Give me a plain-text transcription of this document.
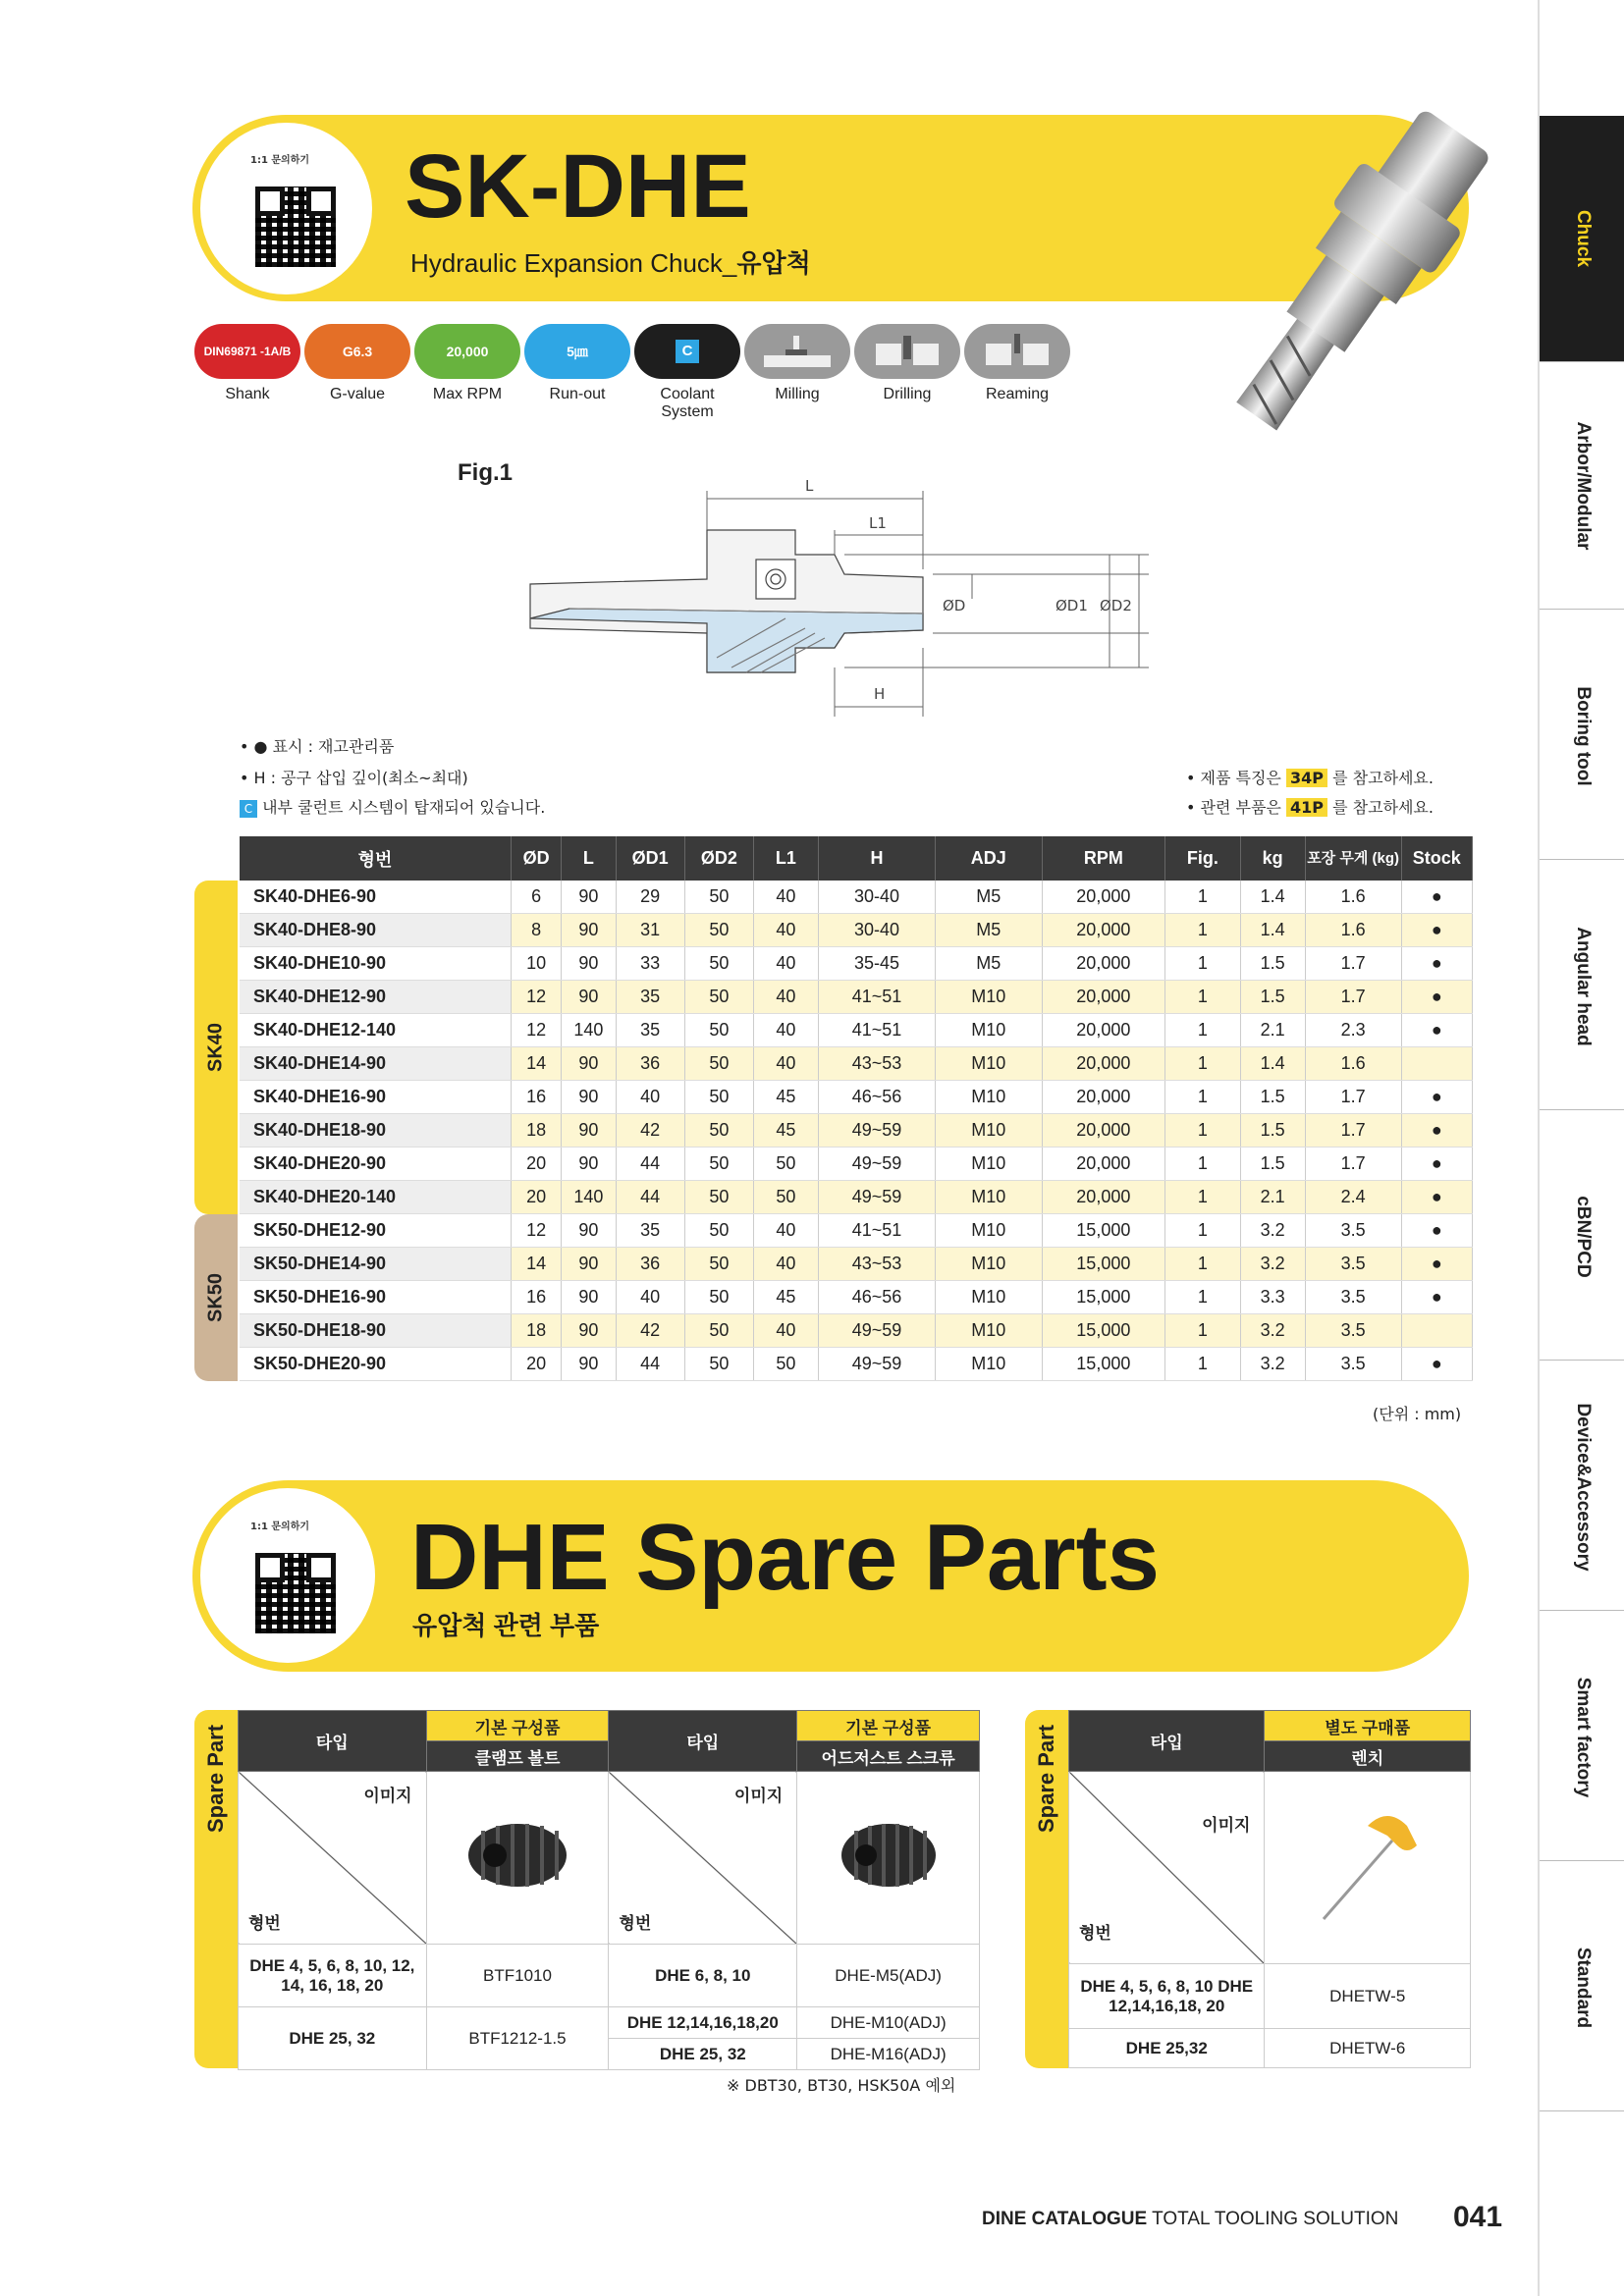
Chuck
Arbor/Modular
Boring tool
Angular head
cBN/PCD
Device&Accessory
Smart factory
Standard
1:1 문의하기 SK-DHE
Hydraulic Expansion Chuck_유압척
DIN69871 -1A/B
Shank
G6.3
G-value
20,000
Max RPM
5㎛
Run-out
C
Coolant System
Milling	Drilling	Reaming
Fig.1	L
L1
ØD	ØD1 ØD2
H
• ● 표시 : 재고관리품
• H : 공구 삽입 깊이(최소~최대)
C 내부 쿨런트 시스템이 탑재되어 있습니다.
• 제품 특징은 34P 를 참고하세요.
• 관련 부품은 41P 를 참고하세요.
SK40
SK50
형번	ØD	L	ØD1	ØD2	L1	H	ADJ	RPM	Fig.	kg	포장 무게 (kg)	Stock
SK40-DHE6-90	6	90	29	50	40	30-40	M5	20,000	1	1.4	1.6	●
SK40-DHE8-90	8	90	31	50	40	30-40	M5	20,000	1	1.4	1.6	●
SK40-DHE10-90	10	90	33	50	40	35-45	M5	20,000	1	1.5	1.7	●
SK40-DHE12-90	12	90	35	50	40	41~51	M10	20,000	1	1.5	1.7	●
SK40-DHE12-140	12	140	35	50	40	41~51	M10	20,000	1	2.1	2.3	●
SK40-DHE14-90	14	90	36	50	40	43~53	M10	20,000	1	1.4	1.6	
SK40-DHE16-90	16	90	40	50	45	46~56	M10	20,000	1	1.5	1.7	●
SK40-DHE18-90	18	90	42	50	45	49~59	M10	20,000	1	1.5	1.7	●
SK40-DHE20-90	20	90	44	50	50	49~59	M10	20,000	1	1.5	1.7	●
SK40-DHE20-140	20	140	44	50	50	49~59	M10	20,000	1	2.1	2.4	●
SK50-DHE12-90	12	90	35	50	40	41~51	M10	15,000	1	3.2	3.5	●
SK50-DHE14-90	14	90	36	50	40	43~53	M10	15,000	1	3.2	3.5	●
SK50-DHE16-90	16	90	40	50	45	46~56	M10	15,000	1	3.3	3.5	●
SK50-DHE18-90	18	90	42	50	40	49~59	M10	15,000	1	3.2	3.5	
SK50-DHE20-90	20	90	44	50	50	49~59	M10	15,000	1	3.2	3.5	●
(단위 : mm)
1:1 문의하기 DHE Spare Parts
유압척 관련 부품
Spare Part	타입	기본 구성품	타입	기본 구성품
	클램프 볼트		어드저스트 스크류

이미지
형번		이미지
형번

DHE 4, 5, 6, 8, 10, 12, 14, 16, 18, 20	BTF1010	DHE 6, 8, 10	DHE-M5(ADJ)
DHE 25, 32	BTF1212-1.5	DHE 12,14,16,18,20	DHE-M10(ADJ)
		DHE 25, 32	DHE-M16(ADJ)
※ DBT30, BT30, HSK50A 예외
Spare Part	타입	별도 구매품
	렌치

이미지
형번

DHE 4, 5, 6, 8, 10 DHE 12,14,16,18, 20	DHETW-5
DHE 25,32	DHETW-6
DINE CATALOGUE TOTAL TOOLING SOLUTION 041
